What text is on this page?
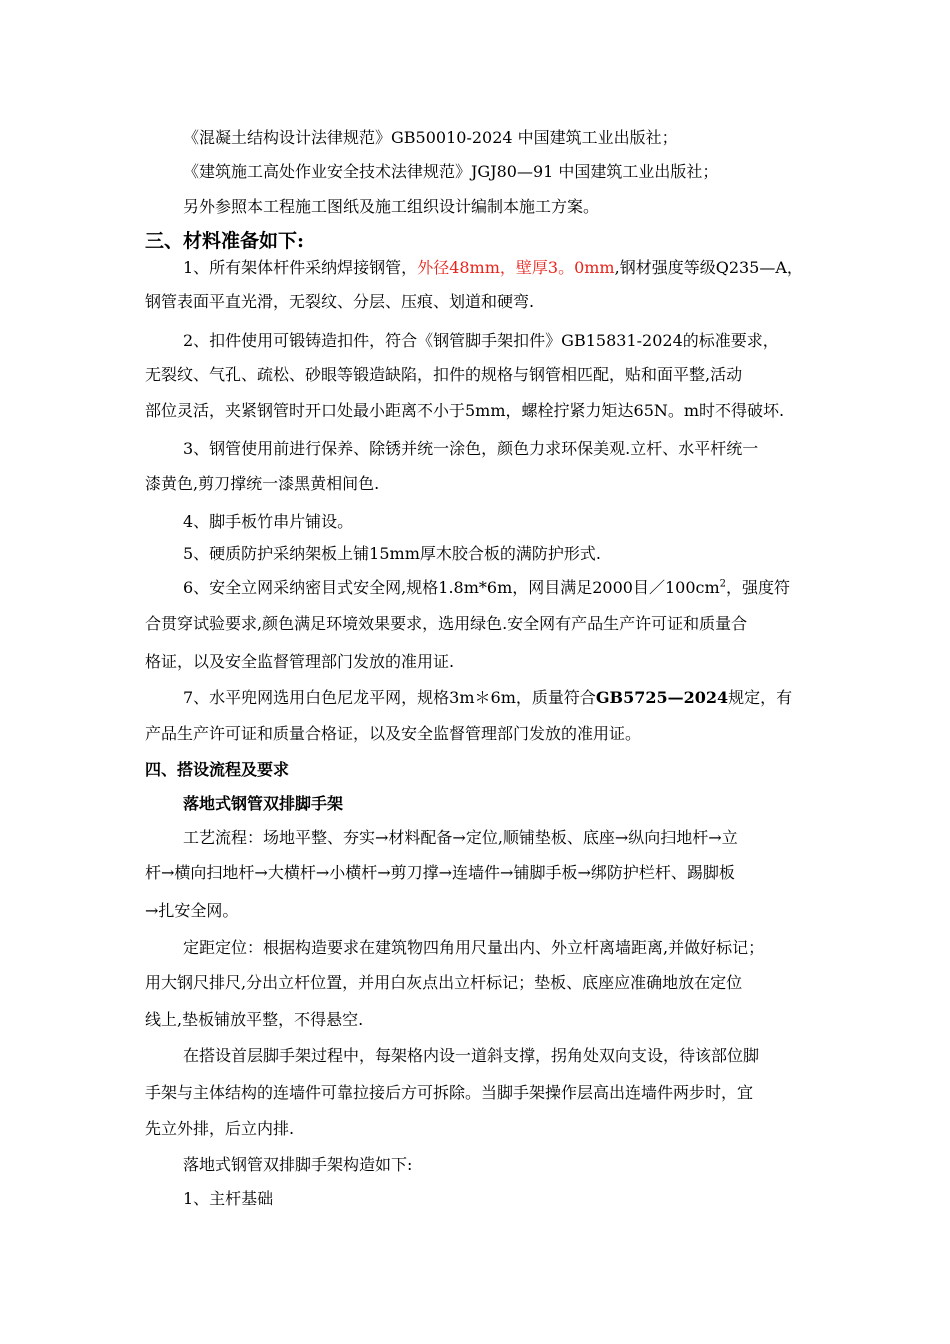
《混凝土结构设计法律规范》GB50010-2024 中国建筑工业出版社；
《建筑施工高处作业安全技术法律规范》JGJ80—91 中国建筑工业出版社；
另外参照本工程施工图纸及施工组织设计编制本施工方案。
三、材料准备如下:
1、所有架体杆件采纳焊接钢管，外径48mm，壁厚3。0mm,钢材强度等级Q235—A，
钢管表面平直光滑，无裂纹、分层、压痕、划道和硬弯.
2、扣件使用可锻铸造扣件，符合《钢管脚手架扣件》GB15831-2024的标准要求，
无裂纹、气孔、疏松、砂眼等锻造缺陷，扣件的规格与钢管相匹配，贴和面平整,活动
部位灵活，夹紧钢管时开口处最小距离不小于5mm，螺栓拧紧力矩达65N。m时不得破坏.
3、钢管使用前进行保养、除锈并统一涂色，颜色力求环保美观.立杆、水平杆统一
漆黄色,剪刀撑统一漆黑黄相间色.
4、脚手板竹串片铺设。
5、硬质防护采纳架板上铺15mm厚木胶合板的满防护形式.
6、安全立网采纳密目式安全网,规格1.8m*6m，网目满足2000目$/100cm^2$，强度符
合贯穿试验要求,颜色满足环境效果要求，选用绿色.安全网有产品生产许可证和质量合
格证，以及安全监督管理部门发放的准用证.
7、水平兜网选用白色尼龙平网，规格3m＊6m，质量符合GB5725—2024规定，有
产品生产许可证和质量合格证，以及安全监督管理部门发放的准用证。
四、搭设流程及要求
落地式钢管双排脚手架
工艺流程：场地平整、夯实→材料配备→定位,顺铺垫板、底座→纵向扫地杆→立
杆→横向扫地杆→大横杆→小横杆→剪刀撑→连墙件→铺脚手板→绑防护栏杆、踢脚板
→扎安全网。
定距定位：根据构造要求在建筑物四角用尺量出内、外立杆离墙距离,并做好标记；
用大钢尺排尺,分出立杆位置，并用白灰点出立杆标记；垫板、底座应准确地放在定位
线上,垫板铺放平整，不得悬空.
在搭设首层脚手架过程中，每架格内设一道斜支撑，拐角处双向支设，待该部位脚
手架与主体结构的连墙件可靠拉接后方可拆除。当脚手架操作层高出连墙件两步时，宜
先立外排，后立内排.
落地式钢管双排脚手架构造如下:
1、主杆基础
